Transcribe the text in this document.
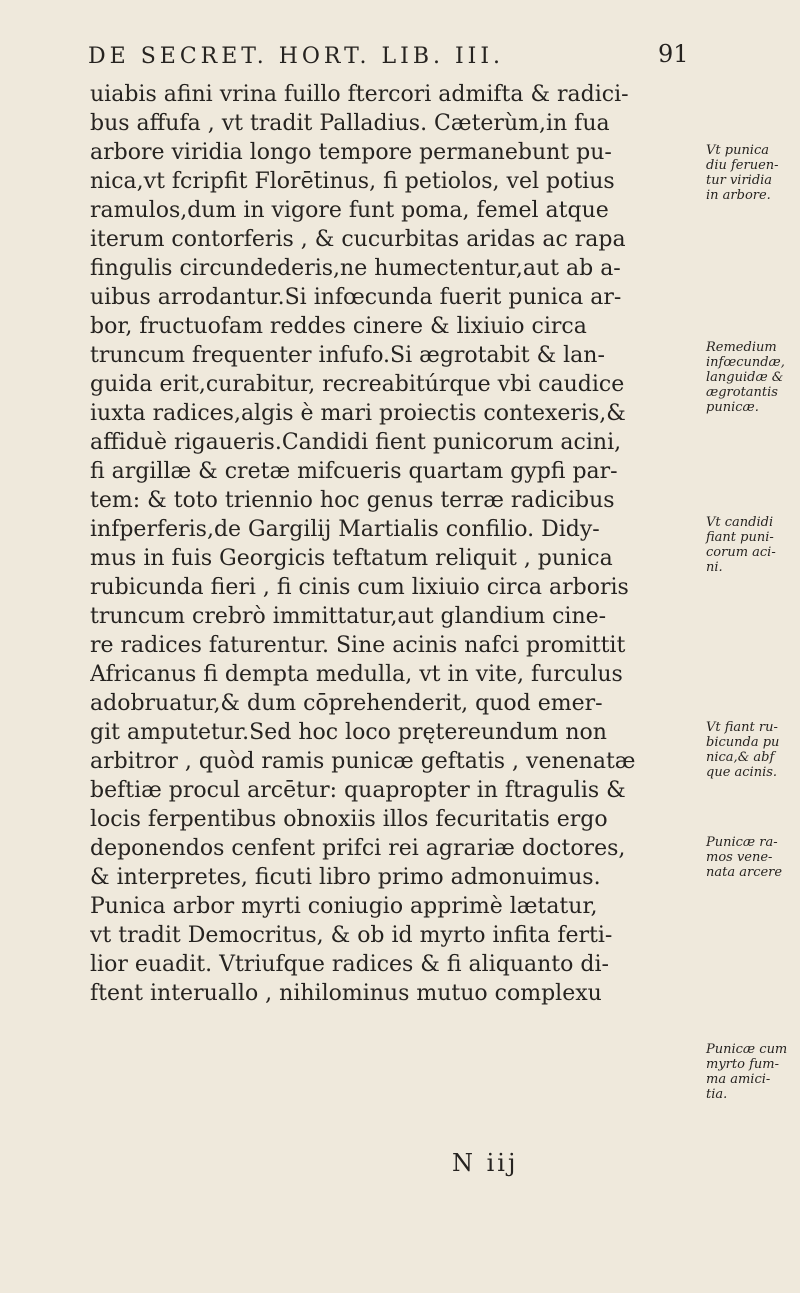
DE SECRET. HORT. LIB. III.	91
uiabis afini vrina fuillo ftercori admifta & radici-
bus affufa , vt tradit Palladius. Cæterùm,in fua
arbore viridia longo tempore permanebunt pu-
nica,vt fcripfit Florētinus, fi petiolos, vel potius
ramulos,dum in vigore funt poma, femel atque
iterum contorferis , & cucurbitas aridas ac rapa
fingulis circundederis,ne humectentur,aut ab a-
uibus arrodantur.Si infœcunda fuerit punica ar-
bor, fructuofam reddes cinere & lixiuio circa
truncum frequenter infufo.Si ægrotabit & lan-
guida erit,curabitur, recreabitúrque vbi caudice
iuxta radices,algis è mari proiectis contexeris,&
affiduè rigaueris.Candidi fient punicorum acini,
fi argillæ & cretæ mifcueris quartam gypfi par-
tem: & toto triennio hoc genus terræ radicibus
infperferis,de Gargilij Martialis confilio. Didy-
mus in fuis Georgicis teftatum reliquit , punica
rubicunda fieri , fi cinis cum lixiuio circa arboris
truncum crebrò immittatur,aut glandium cine-
re radices faturentur. Sine acinis nafci promittit
Africanus fi dempta medulla, vt in vite, furculus
adobruatur,& dum cōprehenderit, quod emer-
git amputetur.Sed hoc loco prętereundum non
arbitror , quòd ramis punicæ geftatis , venenatæ
beftiæ procul arcētur: quapropter in ftragulis &
locis ferpentibus obnoxiis illos fecuritatis ergo
deponendos cenfent prifci rei agrariæ doctores,
& interpretes, ficuti libro primo admonuimus.
Punica arbor myrti coniugio apprimè lætatur,
vt tradit Democritus, & ob id myrto infita ferti-
lior euadit. Vtriufque radices & fi aliquanto di-
ftent interuallo , nihilominus mutuo complexu
Vt punica
diu feruen-
tur viridia
in arbore.
Remedium
infœcundæ,
languidæ &
ægrotantis
punicæ.
Vt candidi
fiant puni-
corum aci-
ni.
Vt fiant ru-
bicunda pu
nica,& abf
que acinis.
Punicæ ra-
mos vene-
nata arcere
Punicæ cum
myrto fum-
ma amici-
tia.
N iij
